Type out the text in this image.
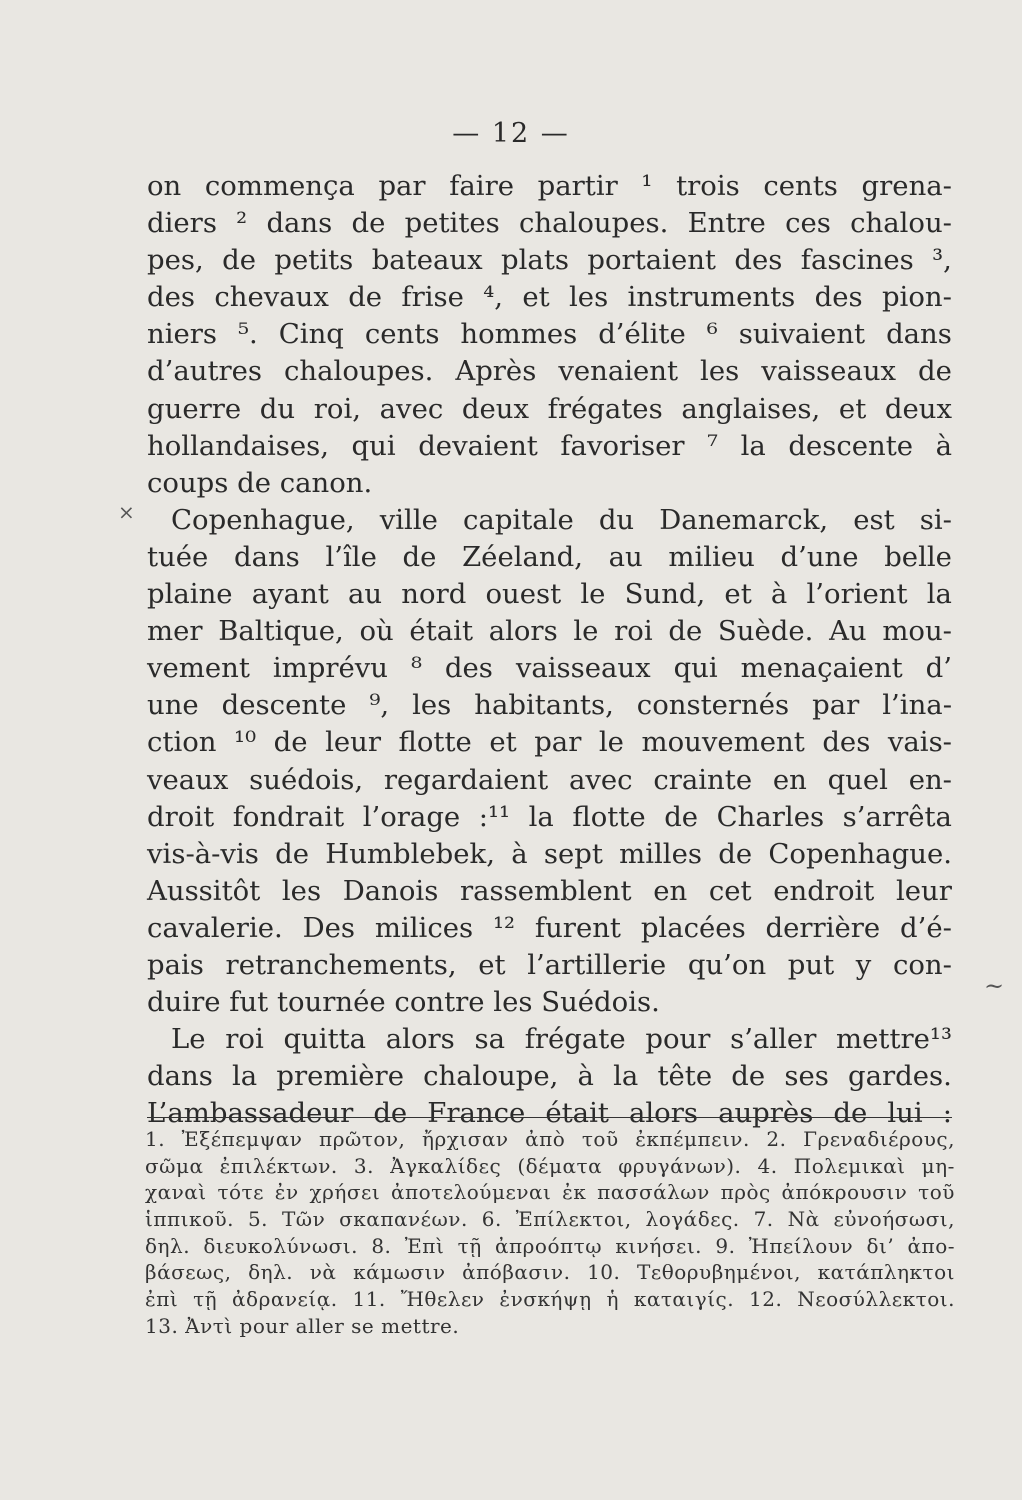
— 12 —
×
~
on commença par faire partir ¹ trois cents grena-
diers ² dans de petites chaloupes. Entre ces chalou-
pes, de petits bateaux plats portaient des fascines ³,
des chevaux de frise ⁴, et les instruments des pion-
niers ⁵. Cinq cents hommes d’élite ⁶ suivaient dans
d’autres chaloupes. Après venaient les vaisseaux de
guerre du roi, avec deux frégates anglaises, et deux
hollandaises, qui devaient favoriser ⁷ la descente à
coups de canon.
Copenhague, ville capitale du Danemarck, est si-
tuée dans l’île de Zéeland, au milieu d’une belle
plaine ayant au nord ouest le Sund, et à l’orient la
mer Baltique, où était alors le roi de Suède. Au mou-
vement imprévu ⁸ des vaisseaux qui menaçaient d’
une descente ⁹, les habitants, consternés par l’ina-
ction ¹⁰ de leur flotte et par le mouvement des vais-
veaux suédois, regardaient avec crainte en quel en-
droit fondrait l’orage :¹¹ la flotte de Charles s’arrêta
vis-à-vis de Humblebek, à sept milles de Copenhague.
Aussitôt les Danois rassemblent en cet endroit leur
cavalerie. Des milices ¹² furent placées derrière d’é-
pais retranchements, et l’artillerie qu’on put y con-
duire fut tournée contre les Suédois.
Le roi quitta alors sa frégate pour s’aller mettre¹³
dans la première chaloupe, à la tête de ses gardes.
L’ambassadeur de France était alors auprès de lui :
1. Ἐξέπεμψαν πρῶτον, ἤρχισαν ἀπὸ τοῦ ἐκπέμπειν. 2. Γρεναδιέρους,
σῶμα ἐπιλέκτων. 3. Ἀγκαλίδες (δέματα φρυγάνων). 4. Πολεμικαὶ μη-
χαναὶ τότε ἐν χρήσει ἀποτελούμεναι ἐκ πασσάλων πρὸς ἀπόκρουσιν τοῦ
ἱππικοῦ. 5. Τῶν σκαπανέων. 6. Ἐπίλεκτοι, λογάδες. 7. Νὰ εὐνοήσωσι,
δηλ. διευκολύνωσι. 8. Ἐπὶ τῇ ἀπροόπτῳ κινήσει. 9. Ἠπείλουν δι’ ἀπο-
βάσεως, δηλ. νὰ κάμωσιν ἀπόβασιν. 10. Τεθορυβημένοι, κατάπληκτοι
ἐπὶ τῇ ἀδρανείᾳ. 11. Ἤθελεν ἐνσκήψῃ ἡ καταιγίς. 12. Νεοσύλλεκτοι.
13. Ἀντὶ pour aller se mettre.
